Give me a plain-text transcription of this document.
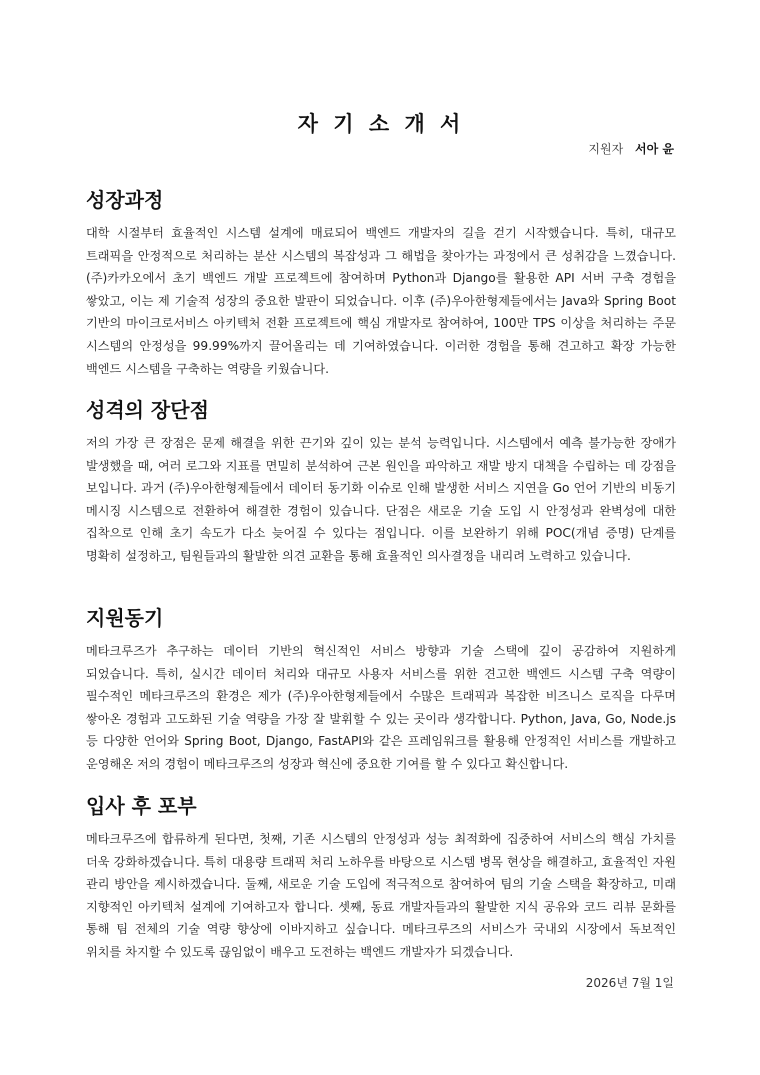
자 기 소 개 서
지원자 서아 윤
성장과정

대학 시절부터 효율적인 시스템 설계에 매료되어 백엔드 개발자의 길을 걷기 시작했습니다. 특히, 대규모 트래픽을 안정적으로 처리하는 분산 시스템의 복잡성과 그 해법을 찾아가는 과정에서 큰 성취감을 느꼈습니다. (주)카카오에서 초기 백엔드 개발 프로젝트에 참여하며 Python과 Django를 활용한 API 서버 구축 경험을 쌓았고, 이는 제 기술적 성장의 중요한 발판이 되었습니다. 이후 (주)우아한형제들에서는 Java와 Spring Boot 기반의 마이크로서비스 아키텍처 전환 프로젝트에 핵심 개발자로 참여하여, 100만 TPS 이상을 처리하는 주문 시스템의 안정성을 99.99%까지 끌어올리는 데 기여하였습니다. 이러한 경험을 통해 견고하고 확장 가능한 백엔드 시스템을 구축하는 역량을 키웠습니다.

성격의 장단점

저의 가장 큰 장점은 문제 해결을 위한 끈기와 깊이 있는 분석 능력입니다. 시스템에서 예측 불가능한 장애가 발생했을 때, 여러 로그와 지표를 면밀히 분석하여 근본 원인을 파악하고 재발 방지 대책을 수립하는 데 강점을 보입니다. 과거 (주)우아한형제들에서 데이터 동기화 이슈로 인해 발생한 서비스 지연을 Go 언어 기반의 비동기 메시징 시스템으로 전환하여 해결한 경험이 있습니다. 단점은 새로운 기술 도입 시 안정성과 완벽성에 대한 집착으로 인해 초기 속도가 다소 늦어질 수 있다는 점입니다. 이를 보완하기 위해 POC(개념 증명) 단계를 명확히 설정하고, 팀원들과의 활발한 의견 교환을 통해 효율적인 의사결정을 내리려 노력하고 있습니다.

지원동기

메타크루즈가 추구하는 데이터 기반의 혁신적인 서비스 방향과 기술 스택에 깊이 공감하여 지원하게 되었습니다. 특히, 실시간 데이터 처리와 대규모 사용자 서비스를 위한 견고한 백엔드 시스템 구축 역량이 필수적인 메타크루즈의 환경은 제가 (주)우아한형제들에서 수많은 트래픽과 복잡한 비즈니스 로직을 다루며 쌓아온 경험과 고도화된 기술 역량을 가장 잘 발휘할 수 있는 곳이라 생각합니다. Python, Java, Go, Node.js 등 다양한 언어와 Spring Boot, Django, FastAPI와 같은 프레임워크를 활용해 안정적인 서비스를 개발하고 운영해온 저의 경험이 메타크루즈의 성장과 혁신에 중요한 기여를 할 수 있다고 확신합니다.

입사 후 포부

메타크루즈에 합류하게 된다면, 첫째, 기존 시스템의 안정성과 성능 최적화에 집중하여 서비스의 핵심 가치를 더욱 강화하겠습니다. 특히 대용량 트래픽 처리 노하우를 바탕으로 시스템 병목 현상을 해결하고, 효율적인 자원 관리 방안을 제시하겠습니다. 둘째, 새로운 기술 도입에 적극적으로 참여하여 팀의 기술 스택을 확장하고, 미래 지향적인 아키텍처 설계에 기여하고자 합니다. 셋째, 동료 개발자들과의 활발한 지식 공유와 코드 리뷰 문화를 통해 팀 전체의 기술 역량 향상에 이바지하고 싶습니다. 메타크루즈의 서비스가 국내외 시장에서 독보적인 위치를 차지할 수 있도록 끊임없이 배우고 도전하는 백엔드 개발자가 되겠습니다.

2026년 7월 1일
